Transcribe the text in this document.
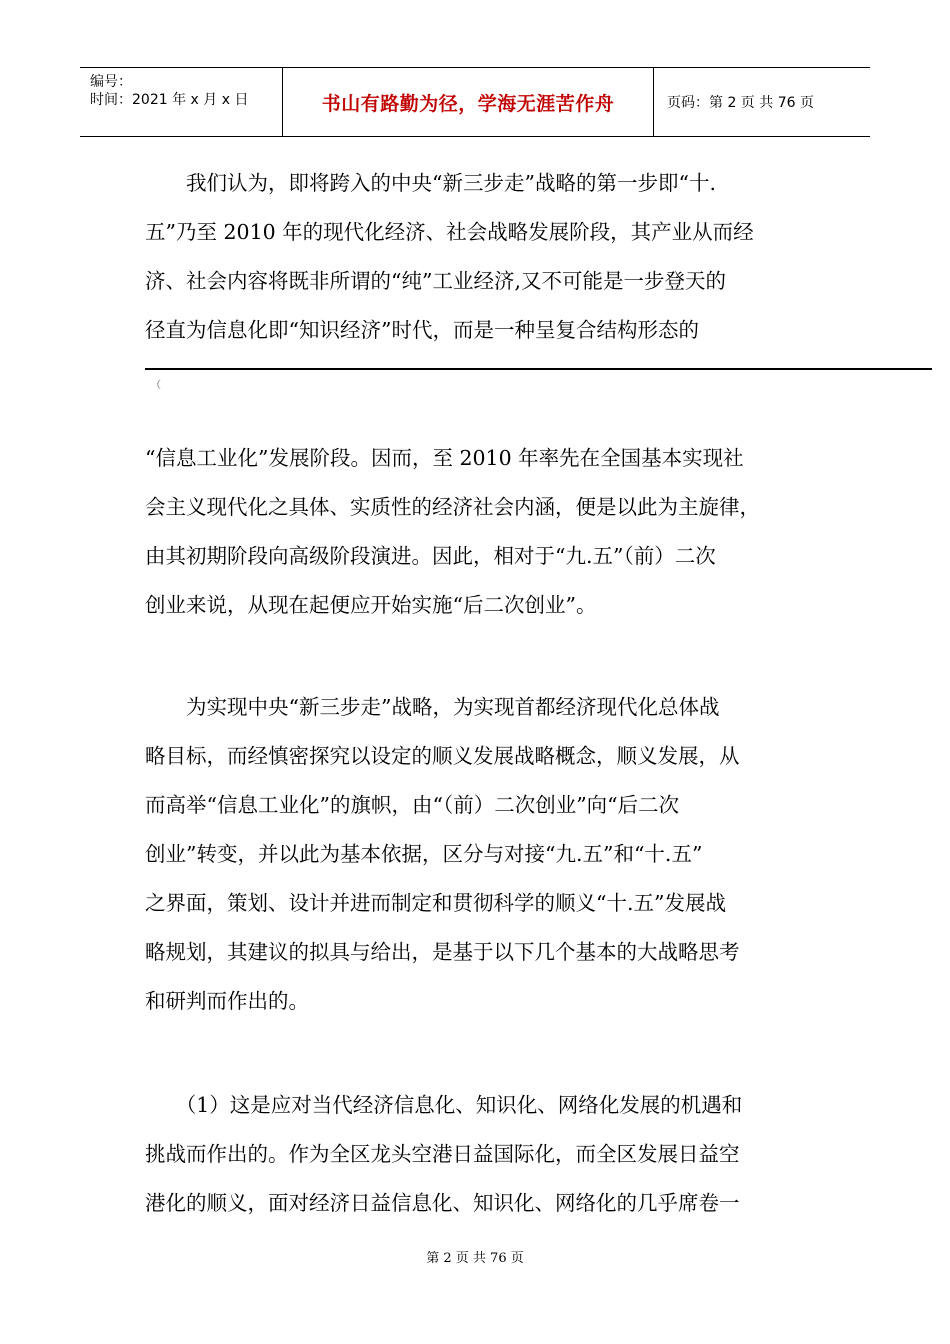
编号：
时间：2021 年 x 月 x 日	书山有路勤为径，学海无涯苦作舟	页码：第 2 页 共 76 页
　　我们认为，即将跨入的中央“新三步走”战略的第一步即“十.
五”乃至 2010 年的现代化经济、社会战略发展阶段，其产业从而经
济、社会内容将既非所谓的“纯”工业经济,又不可能是一步登天的
径直为信息化即“知识经济”时代，而是一种呈复合结构形态的
（
“信息工业化”发展阶段。因而，至 2010 年率先在全国基本实现社
会主义现代化之具体、实质性的经济社会内涵，便是以此为主旋律，
由其初期阶段向高级阶段演进。因此，相对于“九.五”（前）二次
创业来说，从现在起便应开始实施“后二次创业”。
　　为实现中央“新三步走”战略，为实现首都经济现代化总体战
略目标，而经慎密探究以设定的顺义发展战略概念，顺义发展，从
而高举“信息工业化”的旗帜，由“（前）二次创业”向“后二次
创业”转变，并以此为基本依据，区分与对接“九.五”和“十.五”
之界面，策划、设计并进而制定和贯彻科学的顺义“十.五”发展战
略规划，其建议的拟具与给出，是基于以下几个基本的大战略思考
和研判而作出的。
　　（1）这是应对当代经济信息化、知识化、网络化发展的机遇和
挑战而作出的。作为全区龙头空港日益国际化，而全区发展日益空
港化的顺义，面对经济日益信息化、知识化、网络化的几乎席卷一
第 2 页 共 76 页
